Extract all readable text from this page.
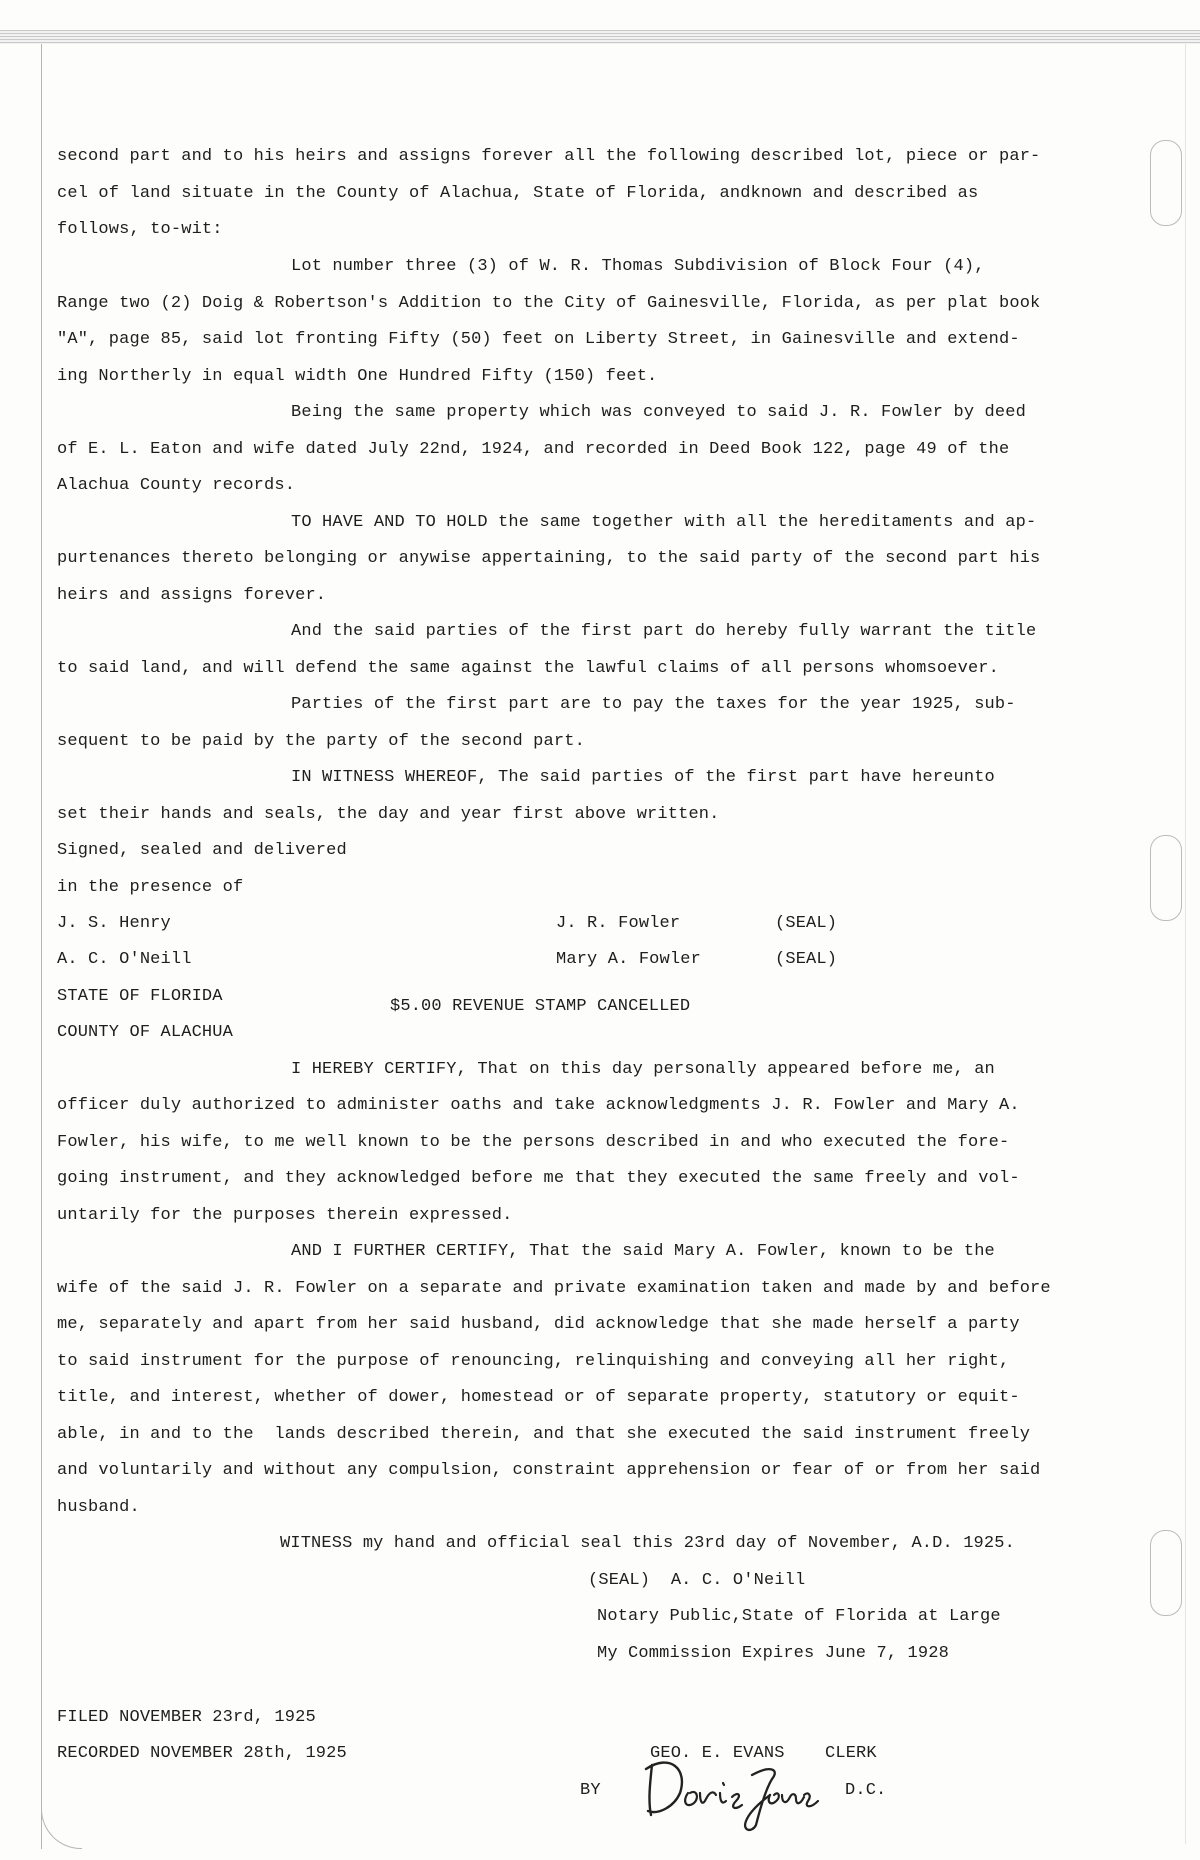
second part and to his heirs and assigns forever all the following described lot, piece or par-
cel of land situate in the County of Alachua, State of Florida, andknown and described as
follows, to-wit:
Lot number three (3) of W. R. Thomas Subdivision of Block Four (4),
Range two (2) Doig & Robertson's Addition to the City of Gainesville, Florida, as per plat book
"A", page 85, said lot fronting Fifty (50) feet on Liberty Street, in Gainesville and extend-
ing Northerly in equal width One Hundred Fifty (150) feet.
Being the same property which was conveyed to said J. R. Fowler by deed
of E. L. Eaton and wife dated July 22nd, 1924, and recorded in Deed Book 122, page 49 of the
Alachua County records.
TO HAVE AND TO HOLD the same together with all the hereditaments and ap-
purtenances thereto belonging or anywise appertaining, to the said party of the second part his
heirs and assigns forever.
And the said parties of the first part do hereby fully warrant the title
to said land, and will defend the same against the lawful claims of all persons whomsoever.
Parties of the first part are to pay the taxes for the year 1925, sub-
sequent to be paid by the party of the second part.
IN WITNESS WHEREOF, The said parties of the first part have hereunto
set their hands and seals, the day and year first above written.
Signed, sealed and delivered
in the presence of
J. S. Henry	J. R. Fowler	(SEAL)
A. C. O'Neill	Mary A. Fowler	(SEAL)
STATE OF FLORIDA
$5.00 REVENUE STAMP CANCELLED
COUNTY OF ALACHUA
I HEREBY CERTIFY, That on this day personally appeared before me, an
officer duly authorized to administer oaths and take acknowledgments J. R. Fowler and Mary A.
Fowler, his wife, to me well known to be the persons described in and who executed the fore-
going instrument, and they acknowledged before me that they executed the same freely and vol-
untarily for the purposes therein expressed.
AND I FURTHER CERTIFY, That the said Mary A. Fowler, known to be the
wife of the said J. R. Fowler on a separate and private examination taken and made by and before
me, separately and apart from her said husband, did acknowledge that she made herself a party
to said instrument for the purpose of renouncing, relinquishing and conveying all her right,
title, and interest, whether of dower, homestead or of separate property, statutory or equit-
able, in and to the  lands described therein, and that she executed the said instrument freely
and voluntarily and without any compulsion, constraint apprehension or fear of or from her said
husband.
WITNESS my hand and official seal this 23rd day of November, A.D. 1925.
(SEAL)  A. C. O'Neill
Notary Public,State of Florida at Large
My Commission Expires June 7, 1928
FILED NOVEMBER 23rd, 1925
RECORDED NOVEMBER 28th, 1925	GEO. E. EVANS CLERK
BY	D.C.
